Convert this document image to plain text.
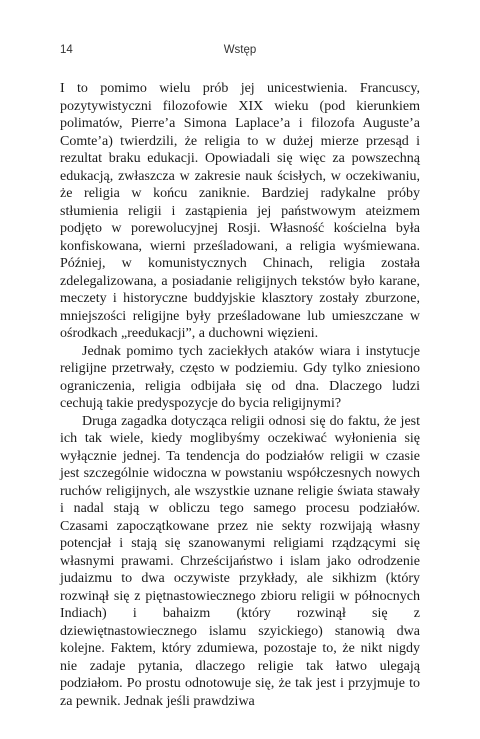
14	Wstęp

I to pomimo wielu prób jej unicestwienia. Francuscy, pozytywistyczni filozofowie XIX wieku (pod kierunkiem polimatów, Pierre’a Simona Laplace’a i filozofa Auguste’a Comte’a) twierdzili, że religia to w dużej mierze przesąd i rezultat braku edukacji. Opowiadali się więc za powszechną edukacją, zwłaszcza w zakresie nauk ścisłych, w oczekiwaniu, że religia w końcu zaniknie. Bardziej radykalne próby stłumienia religii i zastąpienia jej państwowym ateizmem podjęto w porewolucyjnej Rosji. Własność kościelna była konfiskowana, wierni prześladowani, a religia wyśmiewana. Później, w komunistycznych Chinach, religia została zdelegalizowana, a posiadanie religijnych tekstów było karane, meczety i historyczne buddyjskie klasztory zostały zburzone, mniejszości religijne były prześladowane lub umieszczane w ośrodkach „reedukacji”, a duchowni więzieni.

Jednak pomimo tych zaciekłych ataków wiara i instytucje religijne przetrwały, często w podziemiu. Gdy tylko zniesiono ograniczenia, religia odbijała się od dna. Dlaczego ludzi cechują takie predyspozycje do bycia religijnymi?

Druga zagadka dotycząca religii odnosi się do faktu, że jest ich tak wiele, kiedy moglibyśmy oczekiwać wyłonienia się wyłącznie jednej. Ta tendencja do podziałów religii w czasie jest szczególnie widoczna w powstaniu współczesnych nowych ruchów religijnych, ale wszystkie uznane religie świata stawały i nadal stają w obliczu tego samego procesu podziałów. Czasami zapoczątkowane przez nie sekty rozwijają własny potencjał i stają się szanowanymi religiami rządzącymi się własnymi prawami. Chrześcijaństwo i islam jako odrodzenie judaizmu to dwa oczywiste przykłady, ale sikhizm (który rozwinął się z piętnastowiecznego zbioru religii w północnych Indiach) i bahaizm (który rozwinął się z dziewiętnastowiecznego islamu szyickiego) stanowią dwa kolejne. Faktem, który zdumiewa, pozostaje to, że nikt nigdy nie zadaje pytania, dlaczego religie tak łatwo ulegają podziałom. Po prostu odnotowuje się, że tak jest i przyjmuje to za pewnik. Jednak jeśli prawdziwa
